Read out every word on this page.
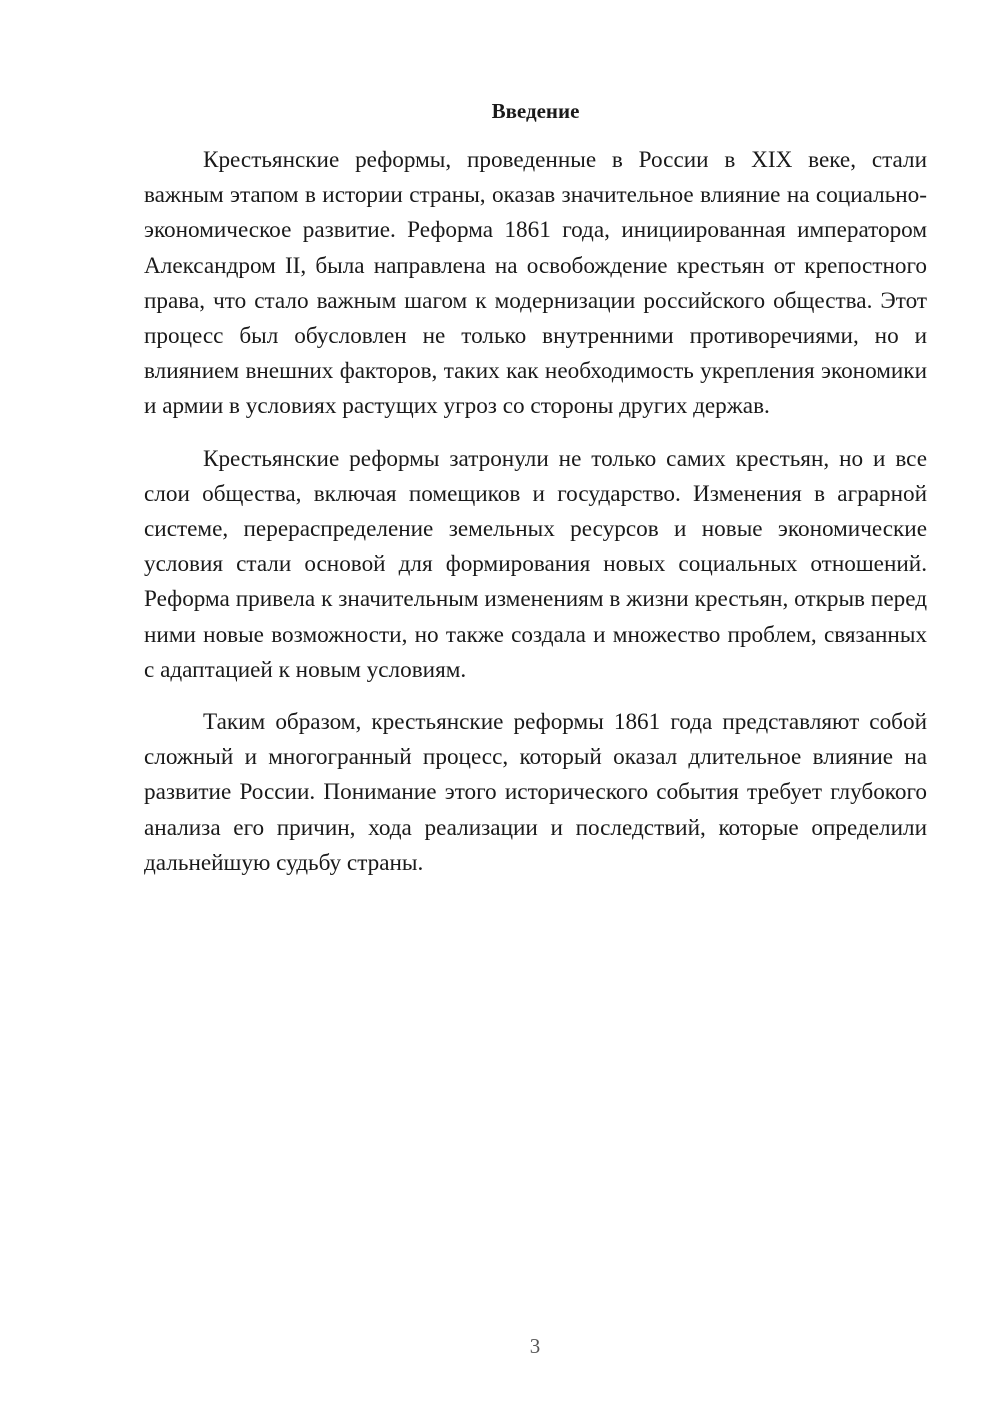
Введение

Крестьянские реформы, проведенные в России в XIX веке, стали важным этапом в истории страны, оказав значительное влияние на социально-экономическое развитие. Реформа 1861 года, инициированная императором Александром II, была направлена на освобождение крестьян от крепостного права, что стало важным шагом к модернизации российского общества. Этот процесс был обусловлен не только внутренними противоречиями, но и влиянием внешних факторов, таких как необходимость укрепления экономики и армии в условиях растущих угроз со стороны других держав.

Крестьянские реформы затронули не только самих крестьян, но и все слои общества, включая помещиков и государство. Изменения в аграрной системе, перераспределение земельных ресурсов и новые экономические условия стали основой для формирования новых социальных отношений. Реформа привела к значительным изменениям в жизни крестьян, открыв перед ними новые возможности, но также создала и множество проблем, связанных с адаптацией к новым условиям.

Таким образом, крестьянские реформы 1861 года представляют собой сложный и многогранный процесс, который оказал длительное влияние на развитие России. Понимание этого исторического события требует глубокого анализа его причин, хода реализации и последствий, которые определили дальнейшую судьбу страны.

3
